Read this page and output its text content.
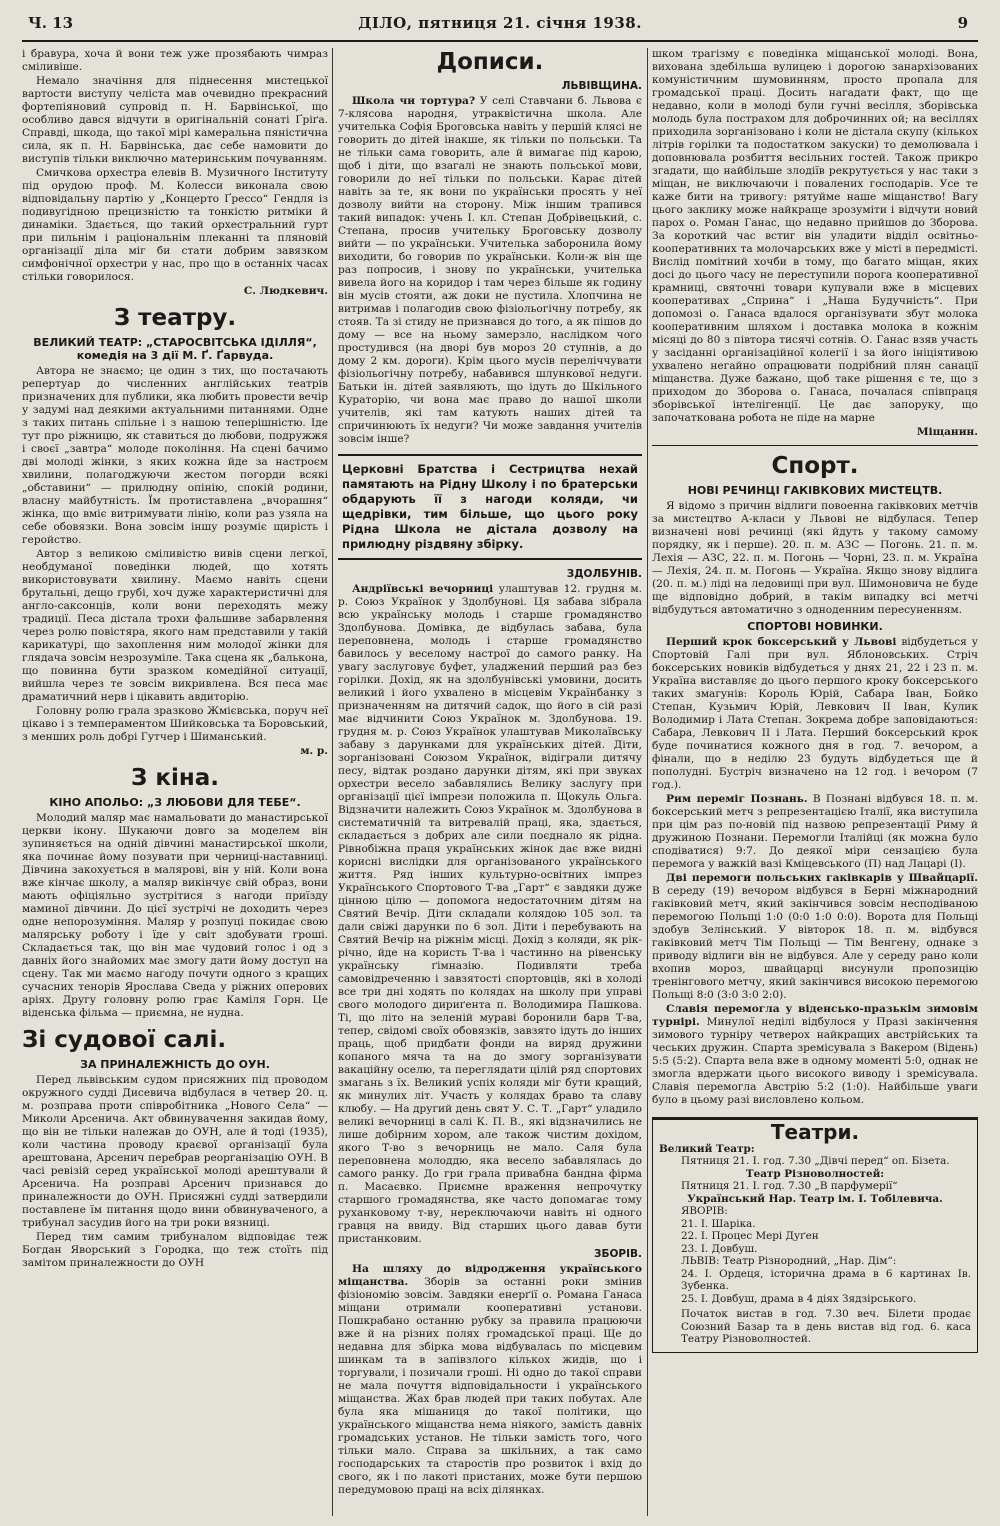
Ч. 13	ДІЛО, пятниця 21. січня 1938.	9

і бравура, хоча й вони теж уже прозябають чимраз сміливіше.

Немало значіння для піднесення мистецької вартости виступу челіста мав очевидно прекрасний фортепіяновий супровід п. Н. Барвінської, що особливо дався відчути в оригінальній сонаті Ґріґа. Справді, шкода, що такої мірі камеральна пяністична сила, як п. Н. Барвінська, дає себе намовити до виступів тільки виключно материнським почуванням.

Смичкова орхестра елевів В. Музичного Інституту під орудою проф. М. Колесси виконала свою відповідальну партію у „Концерто Ґрессо“ Гендля із подивугідною прецизністю та тонкістю ритміки й динаміки. Здається, що такий орхестральний гурт при пильнім і раціональнім плеканні та пляновій організації діла міг би стати добрим завязком симфонічної орхестри у нас, про що в останніх часах стільки говорилося.

С. Людкевич.
З театру.
ВЕЛИКИЙ ТЕАТР: „СТАРОСВІТСЬКА ІДІЛЛЯ“, комедія на 3 дії М. Ґ. Ґарвуда.

Автора не знаємо; це один з тих, що постачають репертуар до численних англійських театрів призначених для публики, яка любить провести вечір у задумі над деякими актуальними питаннями. Одне з таких питань спільне і з нашою теперішністю. Іде тут про ріжницю, як ставиться до любови, подружжя і своєї „завтра“ молоде покоління. На сцені бачимо дві молоді жінки, з яких кожна йде за настроєм хвилини, полагоджуючи жестом погорди всякі „обставини“ — прилюдну опінію, спокій родини, власну майбутність. Їм протиставлена „вчорашня“ жінка, що вміє витримувати лінію, коли раз узяла на себе обовязки. Вона зовсім іншу розуміє щирість і геройство.

Автор з великою сміливістю вивів сцени легкої, необдуманої поведінки людей, що хотять використовувати хвилину. Маємо навіть сцени брутальні, дещо грубі, хоч дуже характеристичні для англо-саксонців, коли вони переходять межу традиції. Песа дістала трохи фальшиве забарвлення через ролю повістяра, якого нам представили у такій карикатурі, що захоплення ним молодої жінки для глядача зовсім незрозуміле. Така сцена як „балькона, що повинна бути зразком комедійної ситуації, вийшла через те зовсім викривлена. Вся песа має драматичний нерв і цікавить авдиторію.

Головну ролю грала зразково Жмієвська, поруч неї цікаво і з темпераментом Шийковська та Боровський, з менших роль добрі Гутчер і Шиманський.

м. р.
З кіна.
КІНО АПОЛЬО: „З ЛЮБОВИ ДЛЯ ТЕБЕ“.

Молодий маляр має намальовати до манастирської церкви ікону. Шукаючи довго за моделем він зупиняється на одній дівчині манастирської школи, яка починає йому позувати при черниці-наставниці. Дівчина закохується в малярові, він у ній. Коли вона вже кінчає школу, а маляр викінчує свій образ, вони мають офіціяльно зустрітися з нагоди приїзду маминої дівчини. До цієї зустрічі не доходить через одне непорозуміння. Маляр у розпуці покидає свою малярську роботу і їде у світ здобувати гроші. Складається так, що він має чудовий голос і од з давніх його знайомих має змогу дати йому доступ на сцену. Так ми маємо нагоду почути одного з кращих сучасних тенорів Ярослава Сведа у ріжних оперових аріях. Другу головну ролю грає Каміля Горн. Це віденська фільма — приємна, не нудна.

Зі судової салі.
ЗА ПРИНАЛЕЖНІСТЬ ДО ОУН.

Перед львівським судом присяжних під проводом окружного судді Дисевича відбулася в четвер 20. ц. м. розправа проти співробітника „Нового Села“ — Миколи Арсенича. Акт обвинувачення закидав йому, що він не тільки належав до ОУН, але й тоді (1935), коли частина проводу краєвої організації була арештована, Арсенич перебрав реорганізацію ОУН. В часі ревізій серед української молоді арештували й Арсенича. На розправі Арсенич признався до приналежности до ОУН. Присяжні судді затвердили поставлене їм питання щодо вини обвинуваченого, а трибунал засудив його на три роки вязниці.

Перед тим самим трибуналом відповідає теж Богдан Яворський з Городка, що теж стоїть під замітом приналежности до ОУН

Дописи.
ЛЬВІВЩИНА.

Школа чи тортура? У селі Ставчани б. Львова є 7-клясова народня, утраквістична школа. Але учителька Софія Броговська навіть у першій клясі не говорить до дітей інакше, як тільки по польськи. Та не тільки сама говорить, але й вимагає під карою, щоб і діти, що взагалі не знають польської мови, говорили до неї тільки по польськи. Карає дітей навіть за те, як вони по українськи просять у неї дозволу вийти на сторону. Між іншим трапився такий випадок: учень І. кл. Степан Добрівецький, с. Степана, просив учительку Броговську дозволу вийти — по українськи. Учителька заборонила йому виходити, бо говорив по українськи. Коли-ж він ще раз попросив, і знову по українськи, учителька вивела його на коридор і там через більше як годину він мусів стояти, аж доки не пустила. Хлопчина не витримав і полагодив свою фізіольогічну потребу, як стояв. Та зі стиду не признався до того, а як пішов до дому — все на ньому замерзло, наслідком чого простудився (на дворі був мороз 20 ступнів, а до дому 2 км. дороги). Крім цього мусів переліччувати фізіольогічну потребу, набавився шлункової недуги. Батьки ін. дітей заявляють, що ідуть до Шкільного Кураторію, чи вона має право до нашої школи учителів, які там катують наших дітей та спричинюють їх недуги? Чи може завдання учителів зовсім інше?

Церковні Братства і Сестрицтва нехай памятають на Рідну Школу і по братерськи обдарують її з нагоди коляди, чи щедрівки, тим більше, що цього року Рідна Школа не дістала дозволу на прилюдну різдвяну збірку.
ЗДОЛБУНІВ.

Андріївські вечорниці улаштував 12. грудня м. р. Союз Українок у Здолбунові. Ця забава зібрала всю українську молодь і старше громадянство Здолбунова. Домівка, де відбулась забава, була переповнена, молодь і старше громадянство бавилось у веселому настрої до самого ранку. На увагу заслуговує буфет, уладжений перший раз без горілки. Дохід, як на здолбунівські умовини, досить великий і його ухвалено в місцевім Українбанку з призначенням на дитячий садок, що його в сій разі має відчинити Союз Українок м. Здолбунова. 19. грудня м. р. Союз Українок улаштував Миколаївську забаву з дарунками для українських дітей. Діти, зорганізовані Союзом Українок, відіграли дитячу песу, відтак роздано дарунки дітям, які при звуках орхестри весело забавлялись Велику заслугу при організації цієї імпрези положила п. Щокуль Ольга. Відзначити належить Союз Українок м. Здолбунова в систематичній та витревалій праці, яка, здається, складається з добрих але сили поєднало як рідна. Рівнобіжна праця українських жінок дає вже видні корисні вислідки для організованого українського життя. Ряд інших культурно-освітних імпрез Українського Спортового Т-ва „Гарт“ є завдяки дуже цінною цілю — допомога недостаточним дітям на Святий Вечір. Діти складали колядою 105 зол. та дали свіжі дарунки по 6 зол. Діти і перебувають на Святий Вечір на ріжнім місці. Дохід з коляди, як рік-річно, йде на користь Т-ва і частинно на рівенську українську ґімназію. Подивляти треба самовідреченню і завзятості спортовців, які в холоді все три дні ходять по колядах на школу при управі свого молодого дириґента п. Володимира Пашкова. Ті, що літо на зеленій мураві боронили барв Т-ва, тепер, свідомі своїх обовязків, завзято ідуть до інших праць, щоб придбати фонди на виряд дружини копаного мяча та на до змогу зорганізувати вакаційну оселю, та переглядати цілій ряд спортових змагань з їх. Великий успіх коляди міг бути кращий, як минулих літ. Участь у колядах браво та славу клюбу. — На другий день свят У. С. Т. „Гарт“ уладило великі вечорниці в салі К. П. В., які відзначились не лише добірним хором, але також чистим дохідом, якого Т-во з вечорниць не мало. Саля була переповнена молоддю, яка весело забавлялась до самого ранку. До гри грала привабна бандна фірма п. Масаєвко. Приємне враження непрочутку старшого громадянства, яке часто допомагає тому руханковому т-ву, нереключаючи навіть ні одного гравця на ввиду. Від старших цього давав бути пристанковим.

ЗБОРІВ.

На шляху до відродження українського міщанства. Зборів за останні роки змінив фізіономію зовсім. Завдяки енерґії о. Романа Ганаса міщани отримали кооперативні установи. Пошкрабано останню рубку за правила працюючи вже й на різних полях громадської праці. Ще до недавна для збірка мова відбувалась по місцевим шинкам та в запівзлого кількох жидів, що і торгували, і позичали гроші. Ні одно до такої справи не мала почуття відповідальности і українського міщанства. Жах брав людей при таких побутах. Але була яка мішаниця до такої політики, що українського міщанства нема ніякого, замість давніх громадських установ. Не тільки замість того, чого тільки мало. Справа за шкільних, а так само господарських та старостів про розвиток і вхід до свого, як і по лакоті пристаних, може бути першою передумовою праці на всіх ділянках.

шком трагізму є поведінка міщанської молоді. Вона, вихована здебільша вулицею і дорогою занархізованих комуністичним шумовинням, просто пропала для громадської праці. Досить нагадати факт, що ще недавно, коли в молоді були гучні весілля, зборівська молодь була пострахом для доброчинних ой; на весіллях приходила зорганізовано і коли не дістала скупу (кількох літрів горілки та подостатком закуски) то демолювала і доповнювала розбиття весільних гостей. Також прикро згадати, що найбільше злодіїв рекрутується у нас таки з міщан, не виключаючи і повалених господарів. Усе те каже бити на тривогу: рятуйме наше міщанство! Вагу цього заклику може найкраще зрозуміти і відчути новий парох о. Роман Ганас, що недавно прийшов до Зборова. За короткий час встиг він уладити відділ освітньо-кооперативних та молочарських вже у місті в передмісті. Вислід помітний хочби в тому, що багато міщан, яких досі до цього часу не переступили порога кооперативної крамниці, святочні товари купували вже в місцевих кооперативах „Сприна“ і „Наша Будучність“. При допомозі о. Ганаса вдалося організувати збут молока кооперативним шляхом і доставка молока в кожнім місяці до 80 з півтора тисячі сотнів. О. Ганас взяв участь у засіданні організаційної колегії і за його ініціятивою ухвалено негайно опрацювати подрібний плян санації міщанства. Дуже бажано, щоб таке рішення є те, що з приходом до Зборова о. Ганаса, почалася співпраця зборівської інтелігенції. Це дає запоруку, що започаткована робота не піде на марне

Міщанин.
Спорт.
НОВІ РЕЧИНЦІ ГАКІВКОВИХ МИСТЕЦТВ.

Я відомо з причин відлиги повоенна гаківкових метчів за мистецтво А-класи у Львові не відбулася. Тепер визначені нові речинці (які йдуть у такому самому порядку, як і перше). 20. п. м. АЗС — Погонь. 21. п. м. Лехія — АЗС, 22. п. м. Погонь — Чорні, 23. п. м. Україна — Лехія, 24. п. м. Погонь — Україна. Якщо знову відлига (20. п. м.) ліді на ледовищі при вул. Шимоновича не буде ще відповідно добрий, в такім випадку всі метчі відбудуться автоматично з одноденним пересуненням.

СПОРТОВІ НОВИНКИ.

Перший крок боксерський у Львові відбудеться у Спортовій Галі при вул. Яблоновських. Стріч боксерських новиків відбудеться у днях 21, 22 і 23 п. м. Україна виставляє до цього першого кроку боксерського таких змагунів: Король Юрій, Сабара Іван, Бойко Степан, Кузьмич Юрій, Левкович ІІ Іван, Кулик Володимир і Лата Степан. Зокрема добре заповідаються: Сабара, Левкович ІІ і Лата. Перший боксерський крок буде починатися кожного дня в год. 7. вечором, а фінали, що в неділю 23 будуть відбудеться ще й пополудні. Бустріч визначено на 12 год. і вечором (7 год.).

Рим переміг Познань. В Познані відбувся 18. п. м. боксерський метч з репрезентацією Італії, яка виступила при цім раз по-новій під назвою репрезентації Риму й дружиною Познани. Перемогли Італійці (як можна було сподіватися) 9:7. До деякої міри сензацією була перемога у важкій вазі Кміцевського (П) над Лацарі (І).

Дві перемоги польських гаківкарів у Швайцарії. В середу (19) вечором відбувся в Берні міжнародний гаківковий метч, який закінчився зовсім несподіваною перемогою Польщі 1:0 (0:0 1:0 0:0). Ворота для Польщі здобув Зелінський. У вівторок 18. п. м. відбувся гаківковий метч Тім Польщі — Тім Венгену, однаке з приводу відлиги він не відбувся. Але у середу рано коли вхопив мороз, швайцарці висунули пропозицію тренінгового метчу, який закінчився високою перемогою Польщі 8:0 (3:0 3:0 2:0).

Славія перемогла у віденсько-празькім зимовім турнірі. Минулої неділі відбулося у Празі закінчення зимового турніру четверох найкращих австрійських та чеських дружин. Спарта зремісувала з Вакером (Відень) 5:5 (5:2). Спарта вела вже в одному моменті 5:0, однак не змогла вдержати цього високого виводу і зремісувала. Славія перемогла Австрію 5:2 (1:0). Найбільше уваги було в цьому разі висловлено кольом.

Театри.
Великий Театр:
Пятниця 21. І. год. 7.30 „Дівчі перед“ оп. Бізета.
Театр Різноволностей:
Пятниця 21. І. год. 7.30 „В парфумерії“
Український Нар. Театр ім. І. Тобілевича.
ЯВОРІВ:
21. І. Шаріка.
22. І. Процес Мері Дуґен
23. І. Довбуш.
ЛЬВІВ: Театр Різнородний, „Нар. Дім“:
24. І. Ордеця, історична драма в 6 картинах Ів. Зубенка.
25. І. Довбуш, драма в 4 діях Зядзірського.
Початок вистав в год. 7.30 веч. Білети продає Союзний Базар та в день вистав від год. 6. каса Театру Різноволностей.
